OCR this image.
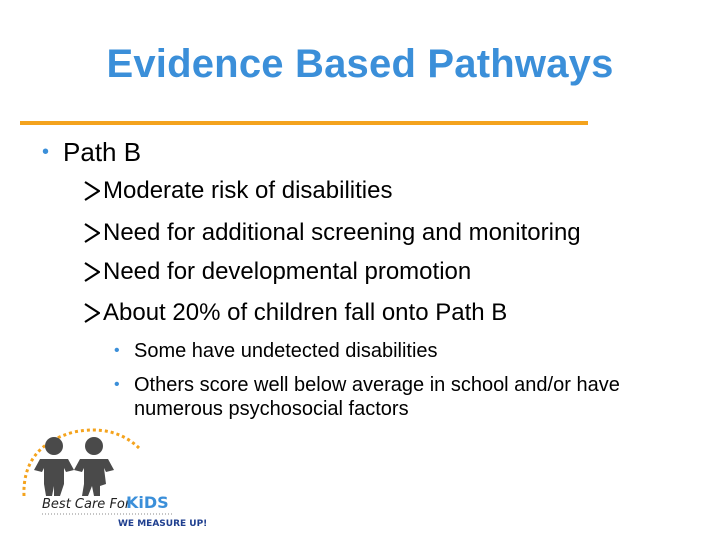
Evidence Based Pathways
• Path B
Moderate risk of disabilities
Need for additional screening and monitoring
Need for developmental promotion
About 20% of children fall onto Path B
• Some have undetected disabilities
• Others score well below average in school and/or have numerous psychosocial factors
Best Care For
KiDS
WE MEASURE UP!
